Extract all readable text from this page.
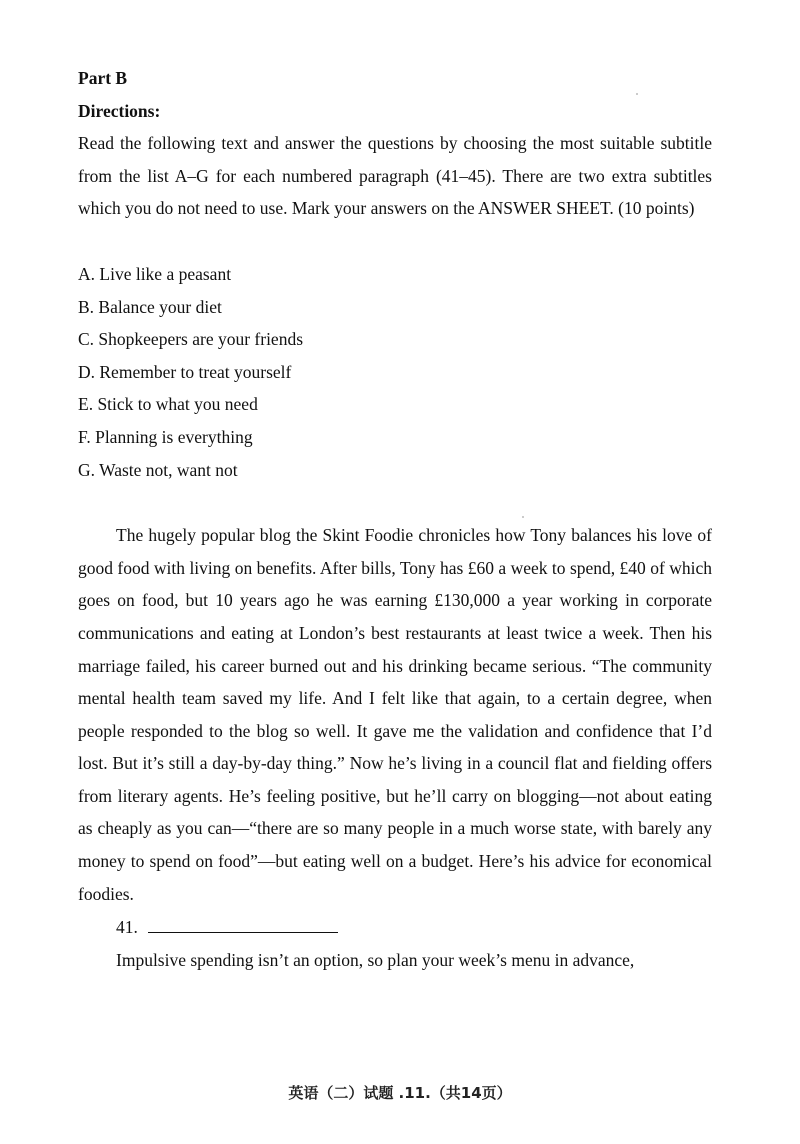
Part B

Directions:

Read the following text and answer the questions by choosing the most suitable subtitle from the list A–G for each numbered paragraph (41–45). There are two extra subtitles which you do not need to use. Mark your answers on the ANSWER SHEET. (10 points)

A. Live like a peasant
B. Balance your diet
C. Shopkeepers are your friends
D. Remember to treat yourself
E. Stick to what you need
F. Planning is everything
G. Waste not, want not

The hugely popular blog the Skint Foodie chronicles how Tony balances his love of good food with living on benefits. After bills, Tony has £60 a week to spend, £40 of which goes on food, but 10 years ago he was earning £130,000 a year working in corporate communications and eating at London’s best restaurants at least twice a week. Then his marriage failed, his career burned out and his drinking became serious. “The community mental health team saved my life. And I felt like that again, to a certain degree, when people responded to the blog so well. It gave me the validation and confidence that I’d lost. But it’s still a day-by-day thing.” Now he’s living in a council flat and fielding offers from literary agents. He’s feeling positive, but he’ll carry on blogging—not about eating as cheaply as you can—“there are so many people in a much worse state, with barely any money to spend on food”—but eating well on a budget. Here’s his advice for economical foodies.

41.

Impulsive spending isn’t an option, so plan your week’s menu in advance,

英语（二）试题 .11.（共14页）
